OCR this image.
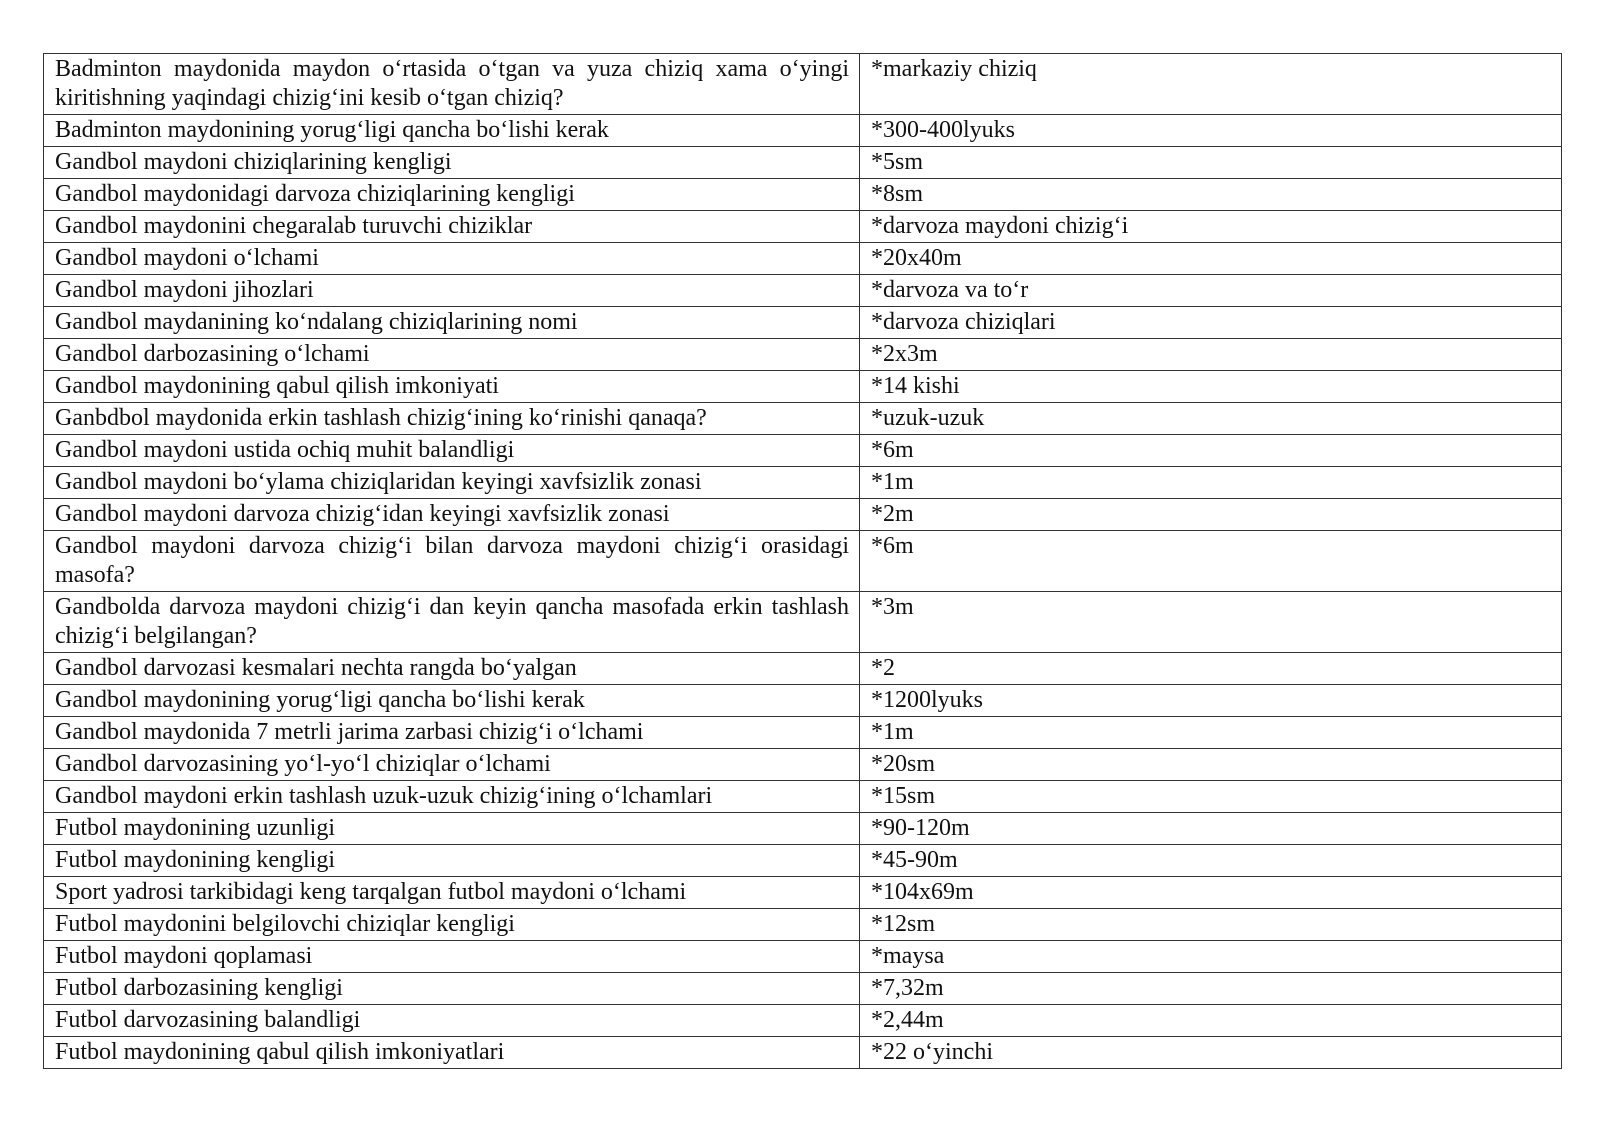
Badminton maydonida maydon o‘rtasida o‘tgan va yuza chiziq xama o‘yingi kiritishning yaqindagi chizig‘ini kesib o‘tgan chiziq?	*markaziy chiziq
Badminton maydonining yorug‘ligi qancha bo‘lishi kerak	*300-400lyuks
Gandbol maydoni chiziqlarining kengligi	*5sm
Gandbol maydonidagi darvoza chiziqlarining kengligi	*8sm
Gandbol maydonini chegaralab turuvchi chiziklar	*darvoza maydoni chizig‘i
Gandbol maydoni o‘lchami	*20x40m
Gandbol maydoni jihozlari	*darvoza va to‘r
Gandbol maydanining ko‘ndalang chiziqlarining nomi	*darvoza chiziqlari
Gandbol darbozasining o‘lchami	*2x3m
Gandbol maydonining qabul qilish imkoniyati	*14 kishi
Ganbdbol maydonida erkin tashlash chizig‘ining ko‘rinishi qanaqa?	*uzuk-uzuk
Gandbol maydoni ustida ochiq muhit balandligi	*6m
Gandbol maydoni bo‘ylama chiziqlaridan keyingi xavfsizlik zonasi	*1m
Gandbol maydoni darvoza chizig‘idan keyingi xavfsizlik zonasi	*2m
Gandbol maydoni darvoza chizig‘i bilan darvoza maydoni chizig‘i orasidagi masofa?	*6m
Gandbolda darvoza maydoni chizig‘i dan keyin qancha masofada erkin tashlash chizig‘i belgilangan?	*3m
Gandbol darvozasi kesmalari nechta rangda bo‘yalgan	*2
Gandbol maydonining yorug‘ligi qancha bo‘lishi kerak	*1200lyuks
Gandbol maydonida 7 metrli jarima zarbasi chizig‘i o‘lchami	*1m
Gandbol darvozasining yo‘l-yo‘l chiziqlar o‘lchami	*20sm
Gandbol maydoni erkin tashlash uzuk-uzuk chizig‘ining o‘lchamlari	*15sm
Futbol maydonining uzunligi	*90-120m
Futbol maydonining kengligi	*45-90m
Sport yadrosi tarkibidagi keng tarqalgan futbol maydoni o‘lchami	*104x69m
Futbol maydonini belgilovchi chiziqlar kengligi	*12sm
Futbol maydoni qoplamasi	*maysa
Futbol darbozasining kengligi	*7,32m
Futbol darvozasining balandligi	*2,44m
Futbol maydonining qabul qilish imkoniyatlari	*22 o‘yinchi
